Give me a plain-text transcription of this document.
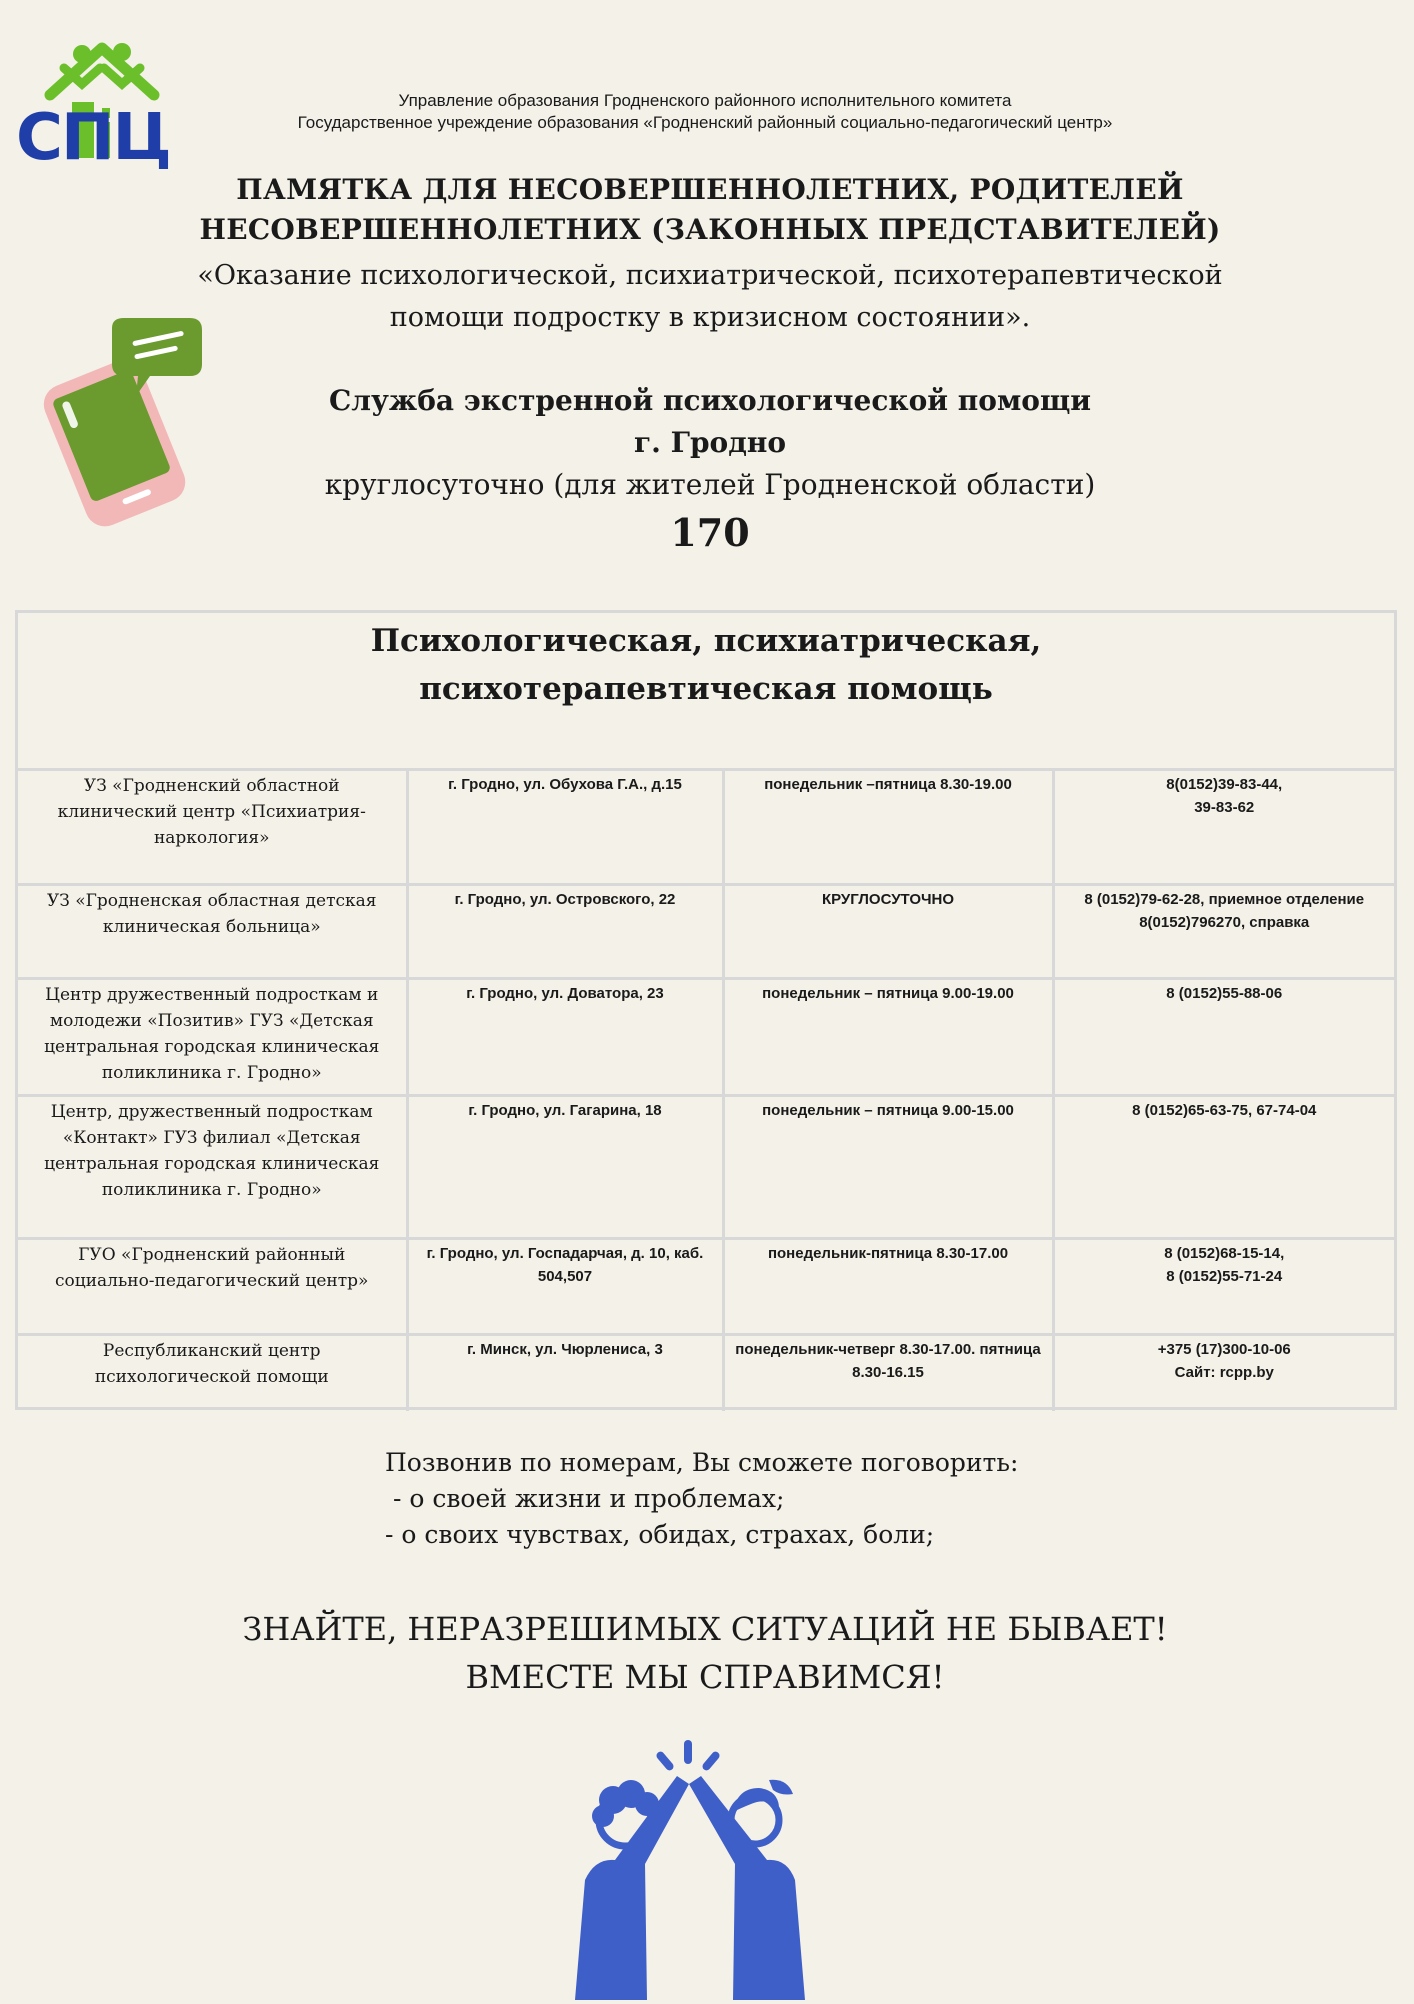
СПЦ
Управление образования Гродненского районного исполнительного комитета
Государственное учреждение образования «Гродненский районный социально-педагогический центр»
ПАМЯТКА ДЛЯ НЕСОВЕРШЕННОЛЕТНИХ, РОДИТЕЛЕЙ
НЕСОВЕРШЕННОЛЕТНИХ (ЗАКОННЫХ ПРЕДСТАВИТЕЛЕЙ)
«Оказание психологической, психиатрической, психотерапевтической
помощи подростку в кризисном состоянии».
Служба экстренной психологической помощи
г. Гродно
круглосуточно (для жителей Гродненской области)
170
Психологическая, психиатрическая,
психотерапевтическая помощь
УЗ «Гродненский областной клинический центр «Психиатрия-наркология»	г. Гродно, ул. Обухова Г.А., д.15	понедельник –пятница 8.30-19.00	8(0152)39-83-44,
39-83-62

УЗ «Гродненская областная детская клиническая больница»	г. Гродно, ул. Островского, 22	КРУГЛОСУТОЧНО	8 (0152)79-62-28, приемное отделение
8(0152)796270, справка

Центр дружественный подросткам и молодежи «Позитив» ГУЗ «Детская центральная городская клиническая поликлиника г. Гродно»	г. Гродно, ул. Доватора, 23	понедельник – пятница 9.00-19.00	8 (0152)55-88-06

Центр, дружественный подросткам «Контакт» ГУЗ филиал «Детская центральная городская клиническая поликлиника г. Гродно»	г. Гродно, ул. Гагарина, 18	понедельник – пятница 9.00-15.00	8 (0152)65-63-75, 67-74-04

ГУО «Гродненский районный социально-педагогический центр»	г. Гродно, ул. Госпадарчая, д. 10, каб. 504,507	понедельник-пятница 8.30-17.00	8 (0152)68-15-14,
8 (0152)55-71-24

Республиканский центр психологической помощи	г. Минск, ул. Чюрлениса, 3	понедельник-четверг 8.30-17.00. пятница 8.30-16.15	+375 (17)300-10-06
Сайт: rcpp.by
Позвонив по номерам, Вы сможете поговорить:
- о своей жизни и проблемах;
- о своих чувствах, обидах, страхах, боли;
ЗНАЙТЕ, НЕРАЗРЕШИМЫХ СИТУАЦИЙ НЕ БЫВАЕТ!
ВМЕСТЕ МЫ СПРАВИМСЯ!
